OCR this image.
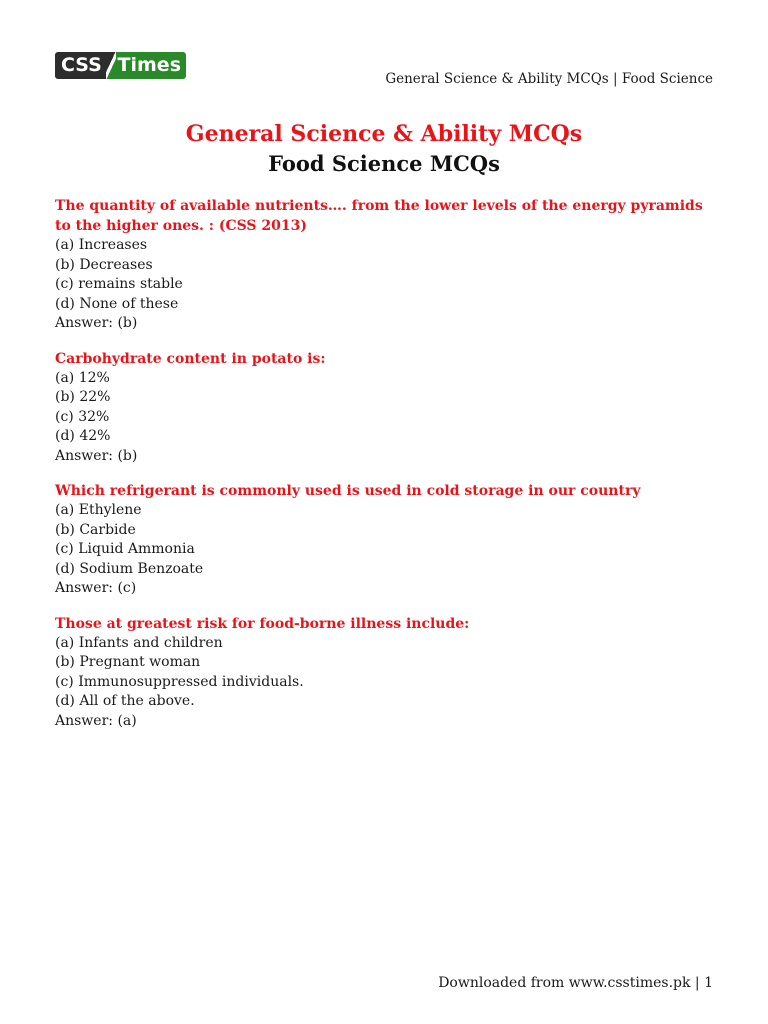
CSS Times
General Science & Ability MCQs | Food Science
General Science & Ability MCQs
Food Science MCQs
The quantity of available nutrients…. from the lower levels of the energy pyramids to the higher ones. : (CSS 2013)
(a) Increases
(b) Decreases
(c) remains stable
(d) None of these
Answer: (b)
Carbohydrate content in potato is:
(a) 12%
(b) 22%
(c) 32%
(d) 42%
Answer: (b)
Which refrigerant is commonly used is used in cold storage in our country
(a) Ethylene
(b) Carbide
(c) Liquid Ammonia
(d) Sodium Benzoate
Answer: (c)
Those at greatest risk for food-borne illness include:
(a) Infants and children
(b) Pregnant woman
(c) Immunosuppressed individuals.
(d) All of the above.
Answer: (a)
Downloaded from www.csstimes.pk | 1
